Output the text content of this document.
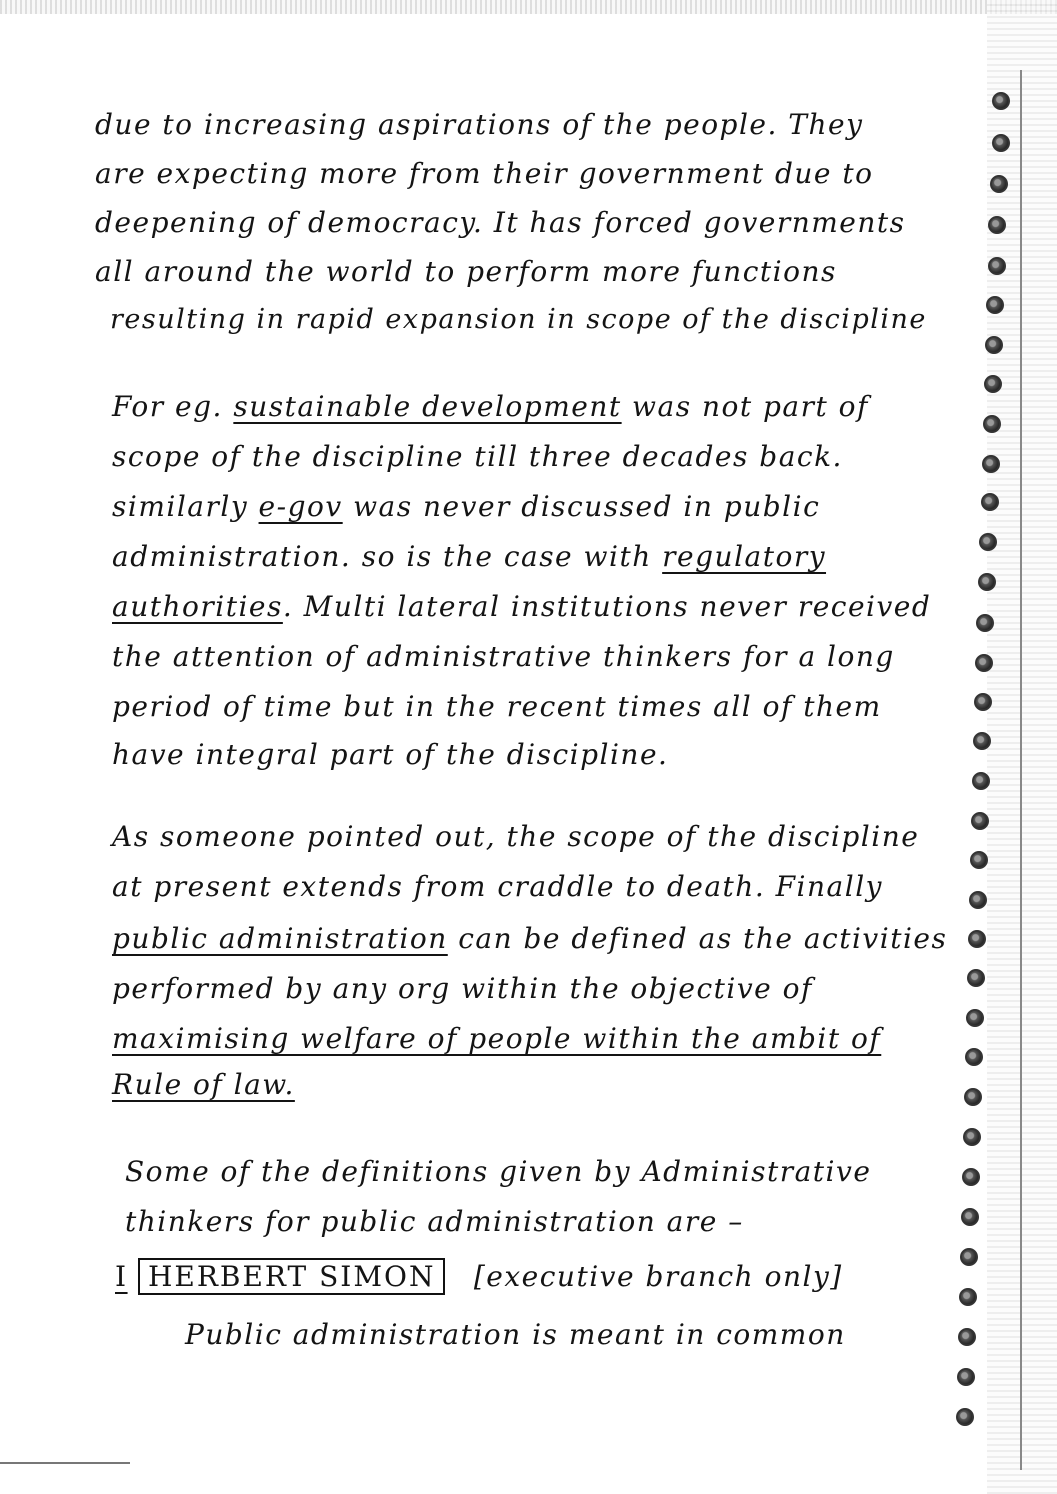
due to increasing aspirations of the people. They
are expecting more from their government due to
deepening of democracy. It has forced governments
all around the world to perform more functions
resulting in rapid expansion in scope of the discipline
For eg. sustainable development was not part of
scope of the discipline till three decades back.
similarly e-gov was never discussed in public
administration. so is the case with regulatory
authorities. Multi lateral institutions never received
the attention of administrative thinkers for a long
period of time but in the recent times all of them
have integral part of the discipline.
As someone pointed out, the scope of the discipline
at present extends from craddle to death. Finally
public administration can be defined as the activities
performed by any org within the objective of
maximising welfare of people within the ambit of
Rule of law.
Some of the definitions given by Administrative
thinkers for public administration are –
I HERBERT SIMON [executive branch only]
Public administration is meant in common
